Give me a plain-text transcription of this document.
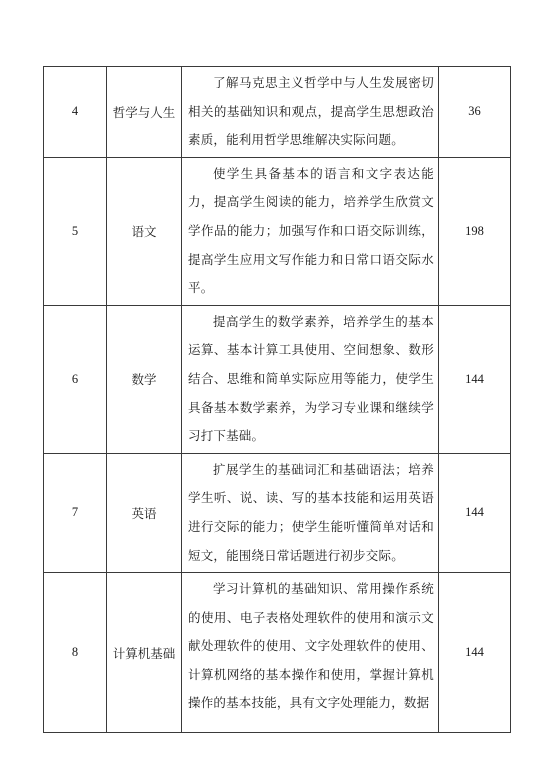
4	哲学与人生	了解马克思主义哲学中与人生发展密切相关的基础知识和观点，提高学生思想政治素质，能利用哲学思维解决实际问题。	36
5	语文	使学生具备基本的语言和文字表达能力，提高学生阅读的能力，培养学生欣赏文学作品的能力；加强写作和口语交际训练，提高学生应用文写作能力和日常口语交际水平。	198
6	数学	提高学生的数学素养，培养学生的基本运算、基本计算工具使用、空间想象、数形结合、思维和简单实际应用等能力，使学生具备基本数学素养，为学习专业课和继续学习打下基础。	144
7	英语	扩展学生的基础词汇和基础语法；培养学生听、说、读、写的基本技能和运用英语进行交际的能力；使学生能听懂简单对话和短文，能围绕日常话题进行初步交际。	144
8	计算机基础	学习计算机的基础知识、常用操作系统的使用、电子表格处理软件的使用和演示文献处理软件的使用、文字处理软件的使用、计算机网络的基本操作和使用，掌握计算机操作的基本技能，具有文字处理能力，数据	144
